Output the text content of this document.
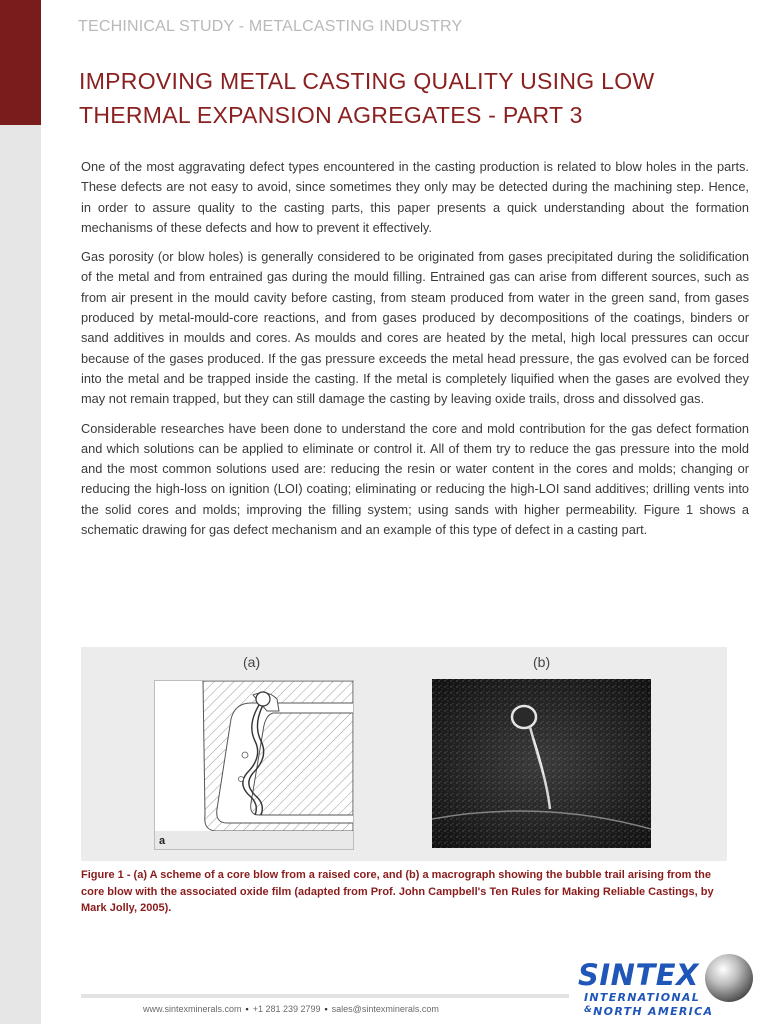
TECHINICAL STUDY - METALCASTING INDUSTRY
IMPROVING METAL CASTING QUALITY USING LOW THERMAL EXPANSION AGREGATES - PART 3

One of the most aggravating defect types encountered in the casting production is related to blow holes in the parts. These defects are not easy to avoid, since sometimes they only may be detected during the machining step. Hence, in order to assure quality to the casting parts, this paper presents a quick understanding about the formation mechanisms of these defects and how to prevent it effectively.

Gas porosity (or blow holes) is generally considered to be originated from gases precipitated during the solidification of the metal and from entrained gas during the mould filling. Entrained gas can arise from different sources, such as from air present in the mould cavity before casting, from steam produced from water in the green sand, from gases produced by metal-mould-core reactions, and from gases produced by decompositions of the coatings, binders or sand additives in moulds and cores. As moulds and cores are heated by the metal, high local pressures can occur because of the gases produced. If the gas pressure exceeds the metal head pressure, the gas evolved can be forced into the metal and be trapped inside the casting. If the metal is completely liquified when the gases are evolved they may not remain trapped, but they can still damage the casting by leaving oxide trails, dross and dissolved gas.

Considerable researches have been done to understand the core and mold contribution for the gas defect formation and which solutions can be applied to eliminate or control it. All of them try to reduce the gas pressure into the mold and the most common solutions used are: reducing the resin or water content in the cores and molds; changing or reducing the high-loss on ignition (LOI) coating; eliminating or reducing the high-LOI sand additives; drilling vents into the solid cores and molds; improving the filling system; using sands with higher permeability. Figure 1 shows a schematic drawing for gas defect mechanism and an example of this type of defect in a casting part.

(a)	(b)
a
Figure 1 - (a) A scheme of a core blow from a raised core, and (b) a macrograph showing the bubble trail arising from the core blow with the associated oxide film (adapted from Prof. John Campbell's Ten Rules for Making Reliable Castings, by Mark Jolly, 2005).
www.sintexminerals.com • +1 281 239 2799 • sales@sintexminerals.com
SINTEX
INTERNATIONAL
&NORTH AMERICA
